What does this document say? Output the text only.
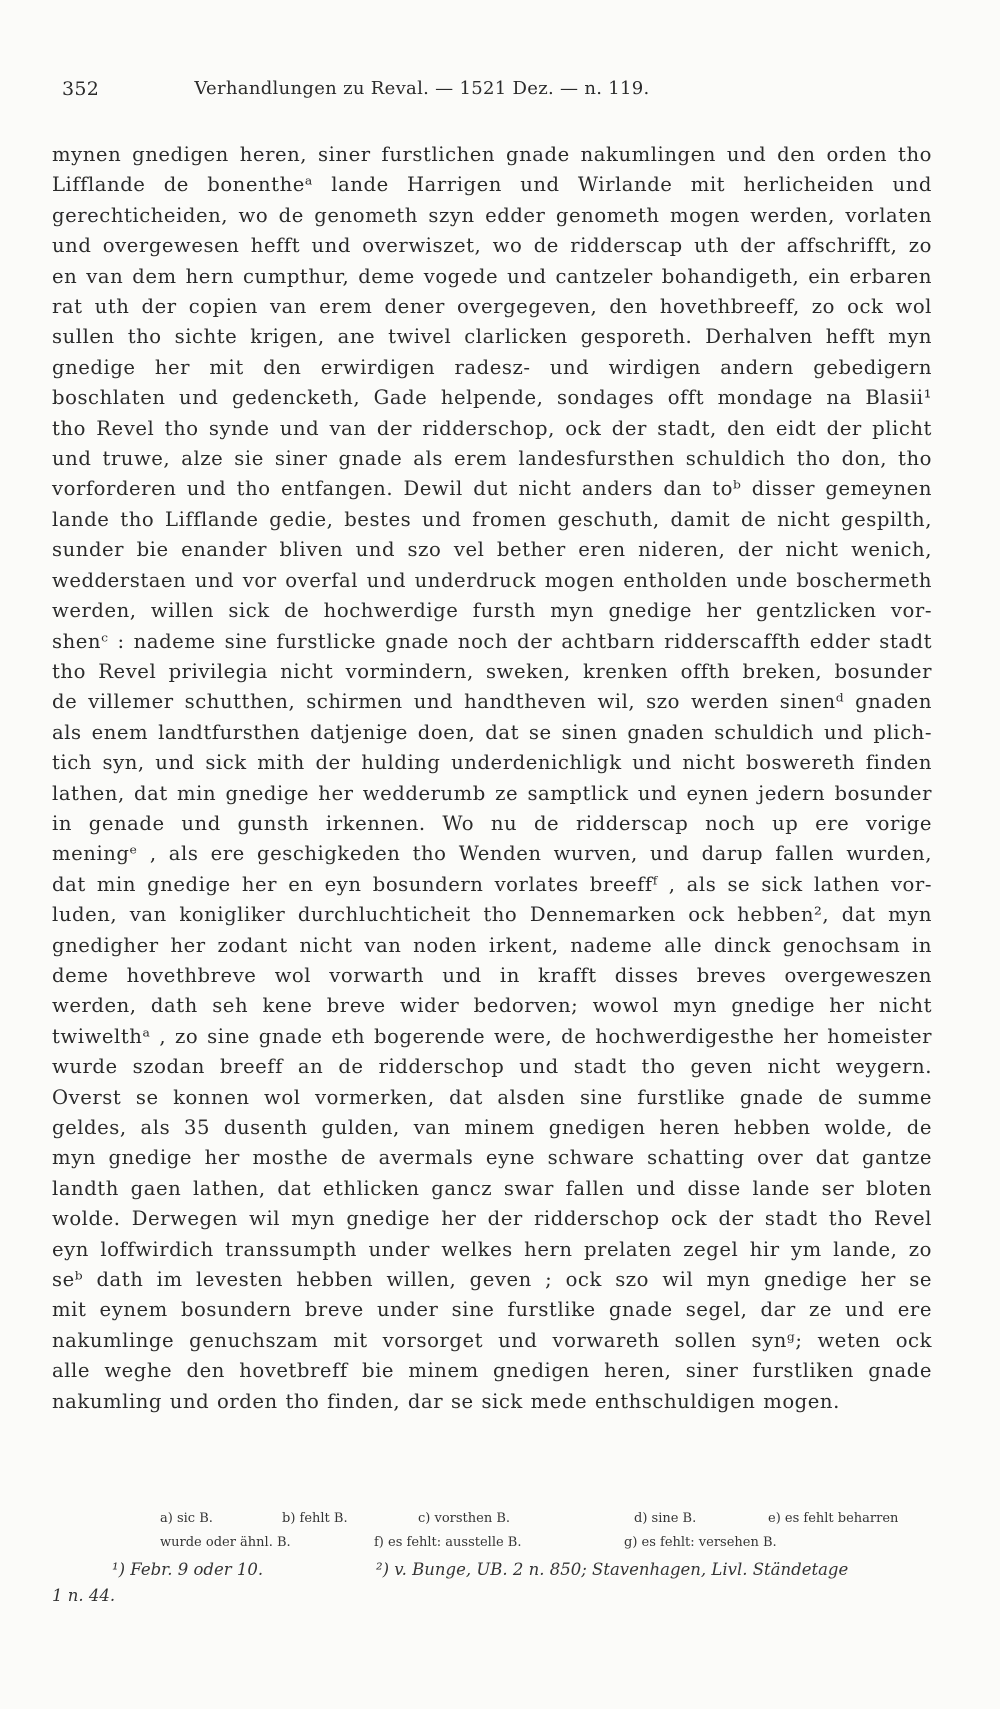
352	Verhandlungen zu Reval. — 1521 Dez. — n. 119.
mynen gnedigen heren, siner furstlichen gnade nakumlingen und den orden tho
Lifflande de bonentheᵃ lande Harrigen und Wirlande mit herlicheiden und
gerechticheiden, wo de genometh szyn edder genometh mogen werden, vorlaten
und overgewesen hefft und overwiszet, wo de ridderscap uth der affschrifft, zo
en van dem hern cumpthur, deme vogede und cantzeler bohandigeth, ein erbaren
rat uth der copien van erem dener overgegeven, den hovethbreeff, zo ock wol
sullen tho sichte krigen, ane twivel clarlicken gesporeth. Derhalven hefft myn
gnedige her mit den erwirdigen radesz- und wirdigen andern gebedigern
boschlaten und gedencketh, Gade helpende, sondages offt mondage na Blasii¹
tho Revel tho synde und van der ridderschop, ock der stadt, den eidt der plicht
und truwe, alze sie siner gnade als erem landesfursthen schuldich tho don, tho
vorforderen und tho entfangen. Dewil dut nicht anders dan toᵇ disser gemeynen
lande tho Lifflande gedie, bestes und fromen geschuth, damit de nicht gespilth,
sunder bie enander bliven und szo vel bether eren nideren, der nicht wenich,
wedderstaen und vor overfal und underdruck mogen entholden unde boschermeth
werden, willen sick de hochwerdige fursth myn gnedige her gentzlicken vor-
shenᶜ : nademe sine furstlicke gnade noch der achtbarn ridderscaffth edder stadt
tho Revel privilegia nicht vormindern, sweken, krenken offth breken, bosunder
de villemer schutthen, schirmen und handtheven wil, szo werden sinenᵈ gnaden
als enem landtfursthen datjenige doen, dat se sinen gnaden schuldich und plich-
tich syn, und sick mith der hulding underdenichligk und nicht boswereth finden
lathen, dat min gnedige her wedderumb ze samptlick und eynen jedern bosunder
in genade und gunsth irkennen. Wo nu de ridderscap noch up ere vorige
meningᵉ , als ere geschigkeden tho Wenden wurven, und darup fallen wurden,
dat min gnedige her en eyn bosundern vorlates breeffᶠ , als se sick lathen vor-
luden, van konigliker durchluchticheit tho Dennemarken ock hebben², dat myn
gnedigher her zodant nicht van noden irkent, nademe alle dinck genochsam in
deme hovethbreve wol vorwarth und in krafft disses breves overgeweszen
werden, dath seh kene breve wider bedorven; wowol myn gnedige her nicht
twiwelthᵃ , zo sine gnade eth bogerende were, de hochwerdigesthe her homeister
wurde szodan breeff an de ridderschop und stadt tho geven nicht weygern.
Overst se konnen wol vormerken, dat alsden sine furstlike gnade de summe
geldes, als 35 dusenth gulden, van minem gnedigen heren hebben wolde, de
myn gnedige her mosthe de avermals eyne schware schatting over dat gantze
landth gaen lathen, dat ethlicken gancz swar fallen und disse lande ser bloten
wolde. Derwegen wil myn gnedige her der ridderschop ock der stadt tho Revel
eyn loffwirdich transsumpth under welkes hern prelaten zegel hir ym lande, zo
seᵇ dath im levesten hebben willen, geven ; ock szo wil myn gnedige her se
mit eynem bosundern breve under sine furstlike gnade segel, dar ze und ere
nakumlinge genuchszam mit vorsorget und vorwareth sollen synᵍ; weten ock
alle weghe den hovetbreff bie minem gnedigen heren, siner furstliken gnade
nakumling und orden tho finden, dar se sick mede enthschuldigen mogen.
a) sic B.	b) fehlt B.	c) vorsthen B.	d) sine B.	e) es fehlt beharren
wurde oder ähnl. B.	f) es fehlt: ausstelle B.	g) es fehlt: versehen B.
¹) Febr. 9 oder 10.	²) v. Bunge, UB. 2 n. 850; Stavenhagen, Livl. Ständetage
1 n. 44.
